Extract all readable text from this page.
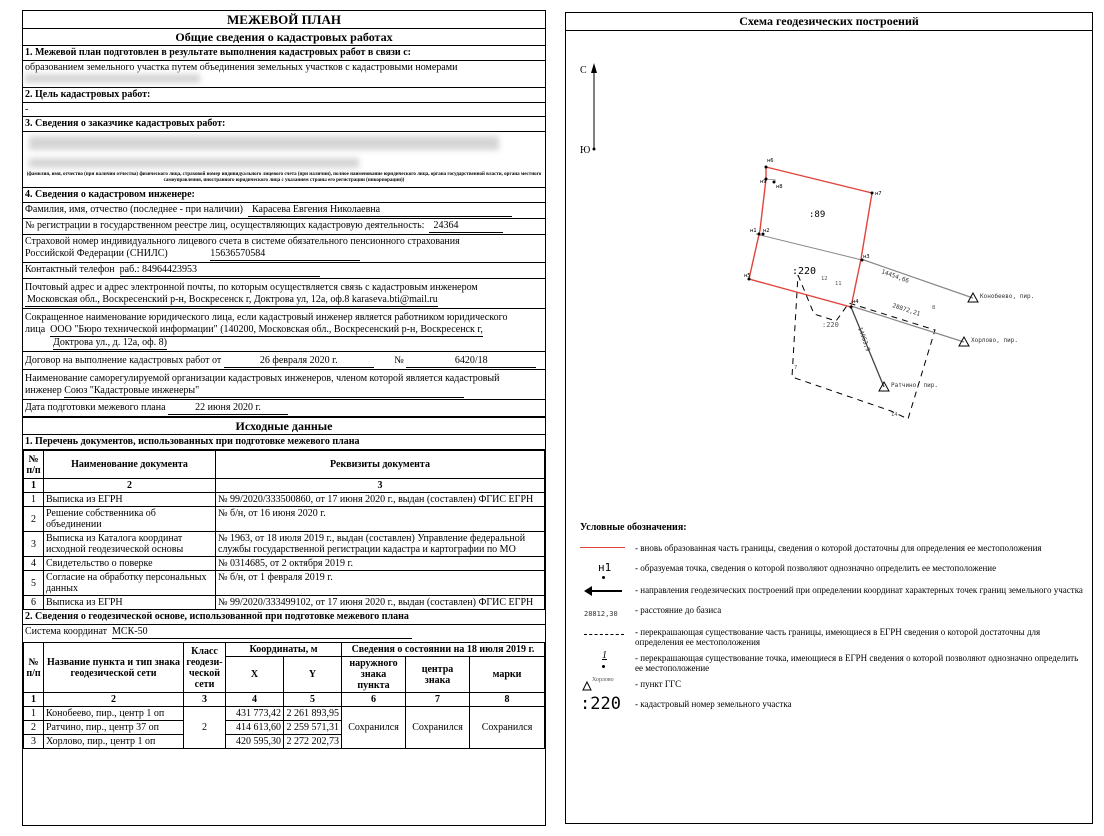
МЕЖЕВОЙ ПЛАН
Общие сведения о кадастровых работах
1. Межевой план подготовлен в результате выполнения кадастровых работ в связи с:
образованием земельного участка путем объединения земельных участков с кадастровыми номерами
2. Цель кадастровых работ:
-
3. Сведения о заказчике кадастровых работ:

(фамилия, имя, отчество (при наличии отчества) физического лица, страховой номер индивидуального лицевого счета (при наличии), полное наименование юридического лица, органа государственной власти, органа местного самоуправления, иностранного юридического лица с указанием страны его регистрации (инкорпорации))
4. Сведения о кадастровом инженере:
Фамилия, имя, отчество (последнее - при наличии) Карасева Евгения Николаевна
№ регистрации в государственном реестре лиц, осуществляющих кадастровую деятельность: 24364
Страховой номер индивидуального лицевого счета в системе обязательного пенсионного страхования
Российской Федерации (СНИЛС)	15636570584
Контактный телефон раб.: 84964423953
Почтовый адрес и адрес электронной почты, по которым осуществляется связь с кадастровым инженером
Московская обл., Воскресенский р-н, Воскресенск г, Доктрова ул, 12а, оф.8 karaseva.bti@mail.ru
Сокращенное наименование юридического лица, если кадастровый инженер является работником юридического
лица ООО "Бюро технической информации" (140200, Московская обл., Воскресенский р-н, Воскресенск г,
Доктрова ул., д. 12а, оф. 8)
Договор на выполнение кадастровых работ от	26 февраля 2020 г.	№	6420/18
Наименование саморегулируемой организации кадастровых инженеров, членом которой является кадастровый
инженер Союз "Кадастровые инженеры"
Дата подготовки межевого плана	22 июня 2020 г.
Исходные данные
1. Перечень документов, использованных при подготовке межевого плана
№ п/п	Наименование документа	Реквизиты документа
1	2	3
1	Выписка из ЕГРН	№ 99/2020/333500860, от 17 июня 2020 г., выдан (составлен) ФГИС ЕГРН
2	Решение собственника об объединении	№ б/н, от 16 июня 2020 г.
3	Выписка из Каталога координат исходной геодезической основы	№ 1963, от 18 июля 2019 г., выдан (составлен) Управление федеральной службы государственной регистрации кадастра и картографии по МО
4	Свидетельство о поверке	№ 0314685, от 2 октября 2019 г.
5	Согласие на обработку персональных данных	№ б/н, от 1 февраля 2019 г.
6	Выписка из ЕГРН	№ 99/2020/333499102, от 17 июня 2020 г., выдан (составлен) ФГИС ЕГРН
2. Сведения о геодезической основе, использованной при подготовке межевого плана
Система координат МСК-50
№ п/п	Название пункта и тип знака геодезической сети	Класс геодези-ческой сети	Координаты, м		Сведения о состоянии на 18 июля 2019 г.		
			X	Y	наружного знака пункта	центра знака	марки
1	2	3	4	5	6	7	8
1	Конобеево, пир., центр 1 оп	2	431 773,42	2 261 893,95	Сохранился	Сохранился	Сохранился
2	Ратчино, пир., центр 37 оп		414 613,60	2 259 571,31			
3	Хорлово, пир., центр 1 оп		420 595,30	2 272 202,73			
Схема геодезических построений
С
Ю
:220
14454,66
28872,21
14953,9
:89
:220
н6
н9
н8
н7
н1 н2
н3
н4
н5	12
11
8
7
14
Конобеево, пир.
Хорлово, пир.
Ратчино, пир.
Условные обозначения:
- вновь образованная часть границы, сведения о которой достаточны для определения ее местоположения
н1	- образуемая точка, сведения о которой позволяют однозначно определить ее местоположение
- направления геодезических построений при определении координат характерных точек границ земельного участка
28812,30 - расстояние до базиса
- перекрашающая существование часть границы, имеющиеся в ЕГРН сведения о которой достаточны для определения ее местоположения
1	- перекрашающая существование точка, имеющиеся в ЕГРН сведения о которой позволяют однозначно определить ее местоположение
Хорлово - пункт ГГС
:220 - кадастровый номер земельного участка
